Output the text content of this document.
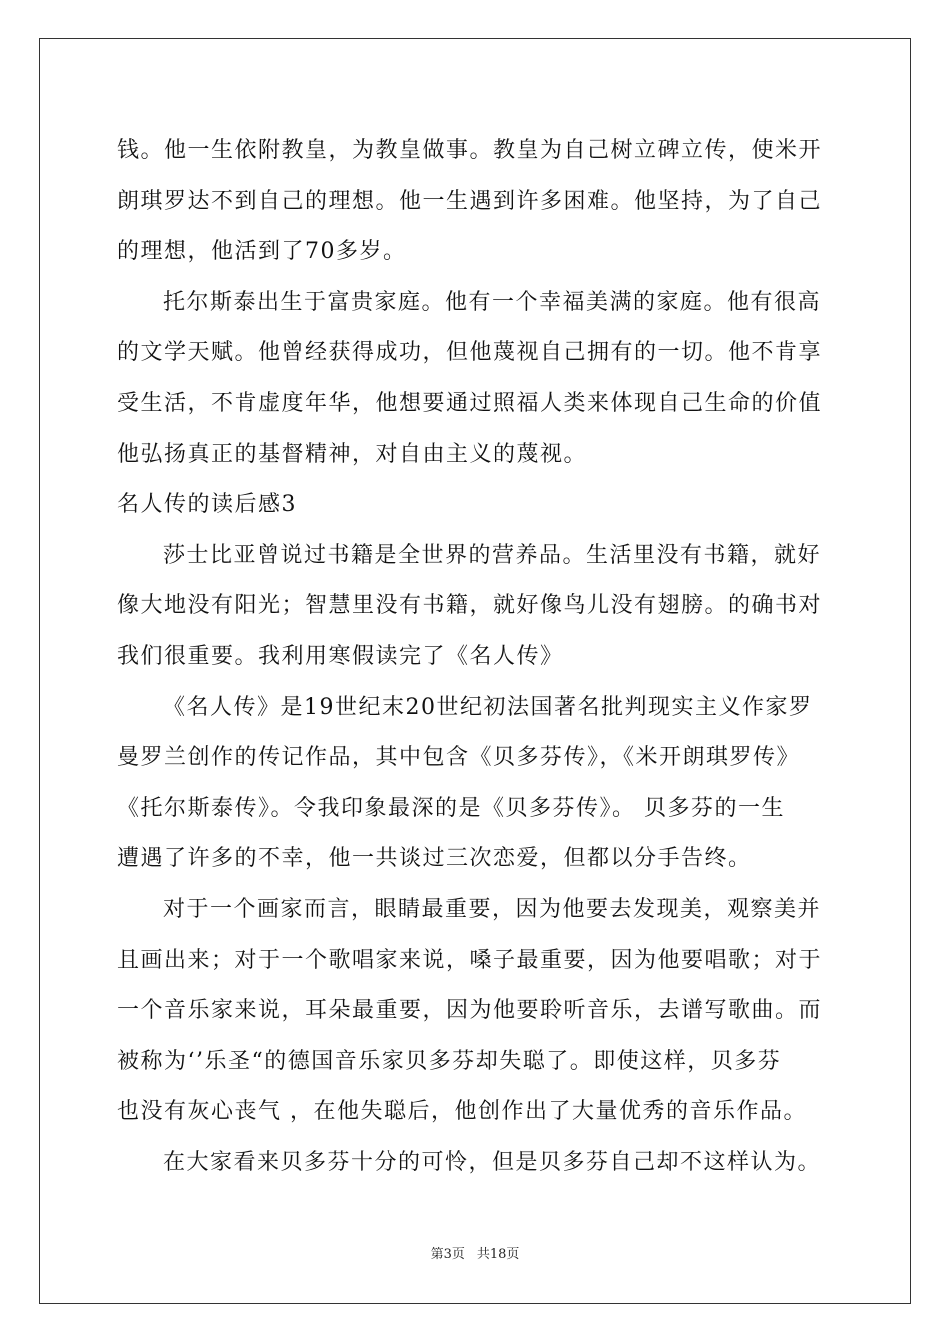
钱。他一生依附教皇，为教皇做事。教皇为自己树立碑立传，使米开
朗琪罗达不到自己的理想。他一生遇到许多困难。他坚持，为了自己
的理想，他活到了70多岁。
托尔斯泰出生于富贵家庭。他有一个幸福美满的家庭。他有很高
的文学天赋。他曾经获得成功，但他蔑视自己拥有的一切。他不肯享
受生活，不肯虚度年华，他想要通过照福人类来体现自己生命的价值
他弘扬真正的基督精神，对自由主义的蔑视。
名人传的读后感3
莎士比亚曾说过书籍是全世界的营养品。生活里没有书籍，就好
像大地没有阳光；智慧里没有书籍，就好像鸟儿没有翅膀。的确书对
我们很重要。我利用寒假读完了《名人传》
《名人传》是19世纪末20世纪初法国著名批判现实主义作家罗
曼罗兰创作的传记作品，其中包含《贝多芬传》，《米开朗琪罗传》
《托尔斯泰传》。令我印象最深的是《贝多芬传》。 贝多芬的一生
遭遇了许多的不幸，他一共谈过三次恋爱，但都以分手告终。
对于一个画家而言，眼睛最重要，因为他要去发现美，观察美并
且画出来；对于一个歌唱家来说，嗓子最重要，因为他要唱歌；对于
一个音乐家来说，耳朵最重要，因为他要聆听音乐，去谱写歌曲。而
被称为‘’乐圣“的德国音乐家贝多芬却失聪了。即使这样，贝多芬
也没有灰心丧气 ，在他失聪后，他创作出了大量优秀的音乐作品。
在大家看来贝多芬十分的可怜，但是贝多芬自己却不这样认为。
第3页 共18页
